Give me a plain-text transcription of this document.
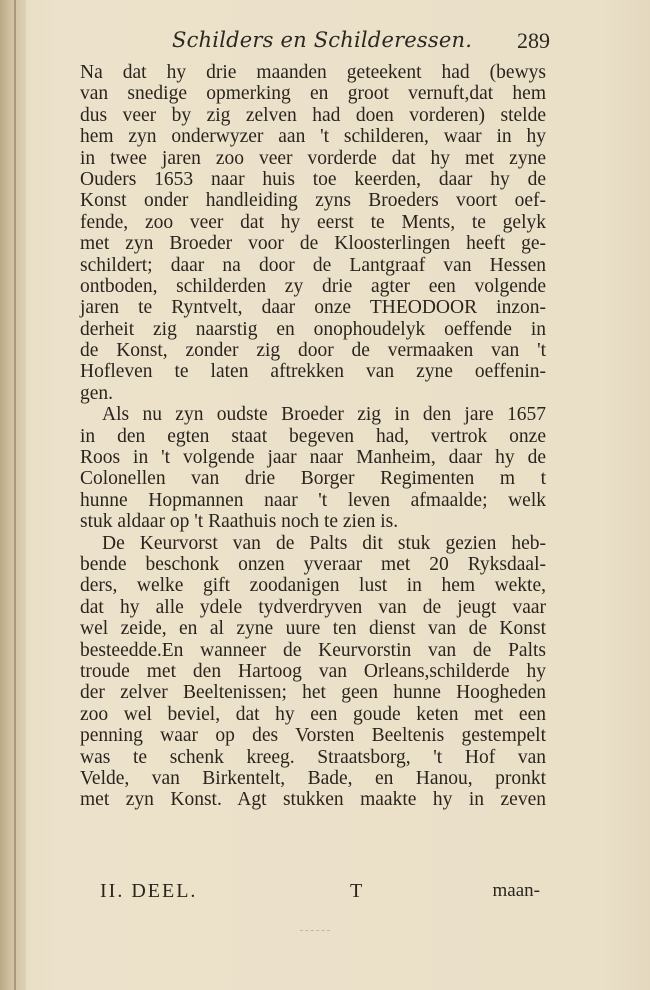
Schilders en Schilderessen. 289
Na dat hy drie maanden geteekent had (bewys
van snedige opmerking en groot vernuft,dat hem
dus veer by zig zelven had doen vorderen) stelde
hem zyn onderwyzer aan 't schilderen, waar in hy
in twee jaren zoo veer vorderde dat hy met zyne
Ouders 1653 naar huis toe keerden, daar hy de
Konst onder handleiding zyns Broeders voort oef-
fende, zoo veer dat hy eerst te Ments, te gelyk
met zyn Broeder voor de Kloosterlingen heeft ge-
schildert; daar na door de Lantgraaf van Hessen
ontboden, schilderden zy drie agter een volgende
jaren te Ryntvelt, daar onze THEODOOR inzon-
derheit zig naarstig en onophoudelyk oeffende in
de Konst, zonder zig door de vermaaken van 't
Hofleven te laten aftrekken van zyne oeffenin-
gen.
Als nu zyn oudste Broeder zig in den jare 1657
in den egten staat begeven had, vertrok onze
Roos in 't volgende jaar naar Manheim, daar hy de
Colonellen van drie Borger Regimenten m t
hunne Hopmannen naar 't leven afmaalde; welk
stuk aldaar op 't Raathuis noch te zien is.
De Keurvorst van de Palts dit stuk gezien heb-
bende beschonk onzen yveraar met 20 Ryksdaal-
ders, welke gift zoodanigen lust in hem wekte,
dat hy alle ydele tydverdryven van de jeugt vaar
wel zeide, en al zyne uure ten dienst van de Konst
besteedde.En wanneer de Keurvorstin van de Palts
troude met den Hartoog van Orleans,schilderde hy
der zelver Beeltenissen; het geen hunne Hoogheden
zoo wel beviel, dat hy een goude keten met een
penning waar op des Vorsten Beeltenis gestempelt
was te schenk kreeg. Straatsborg, 't Hof van
Velde, van Birkentelt, Bade, en Hanou, pronkt
met zyn Konst. Agt stukken maakte hy in zeven
II. DEEL.	T	maan-
